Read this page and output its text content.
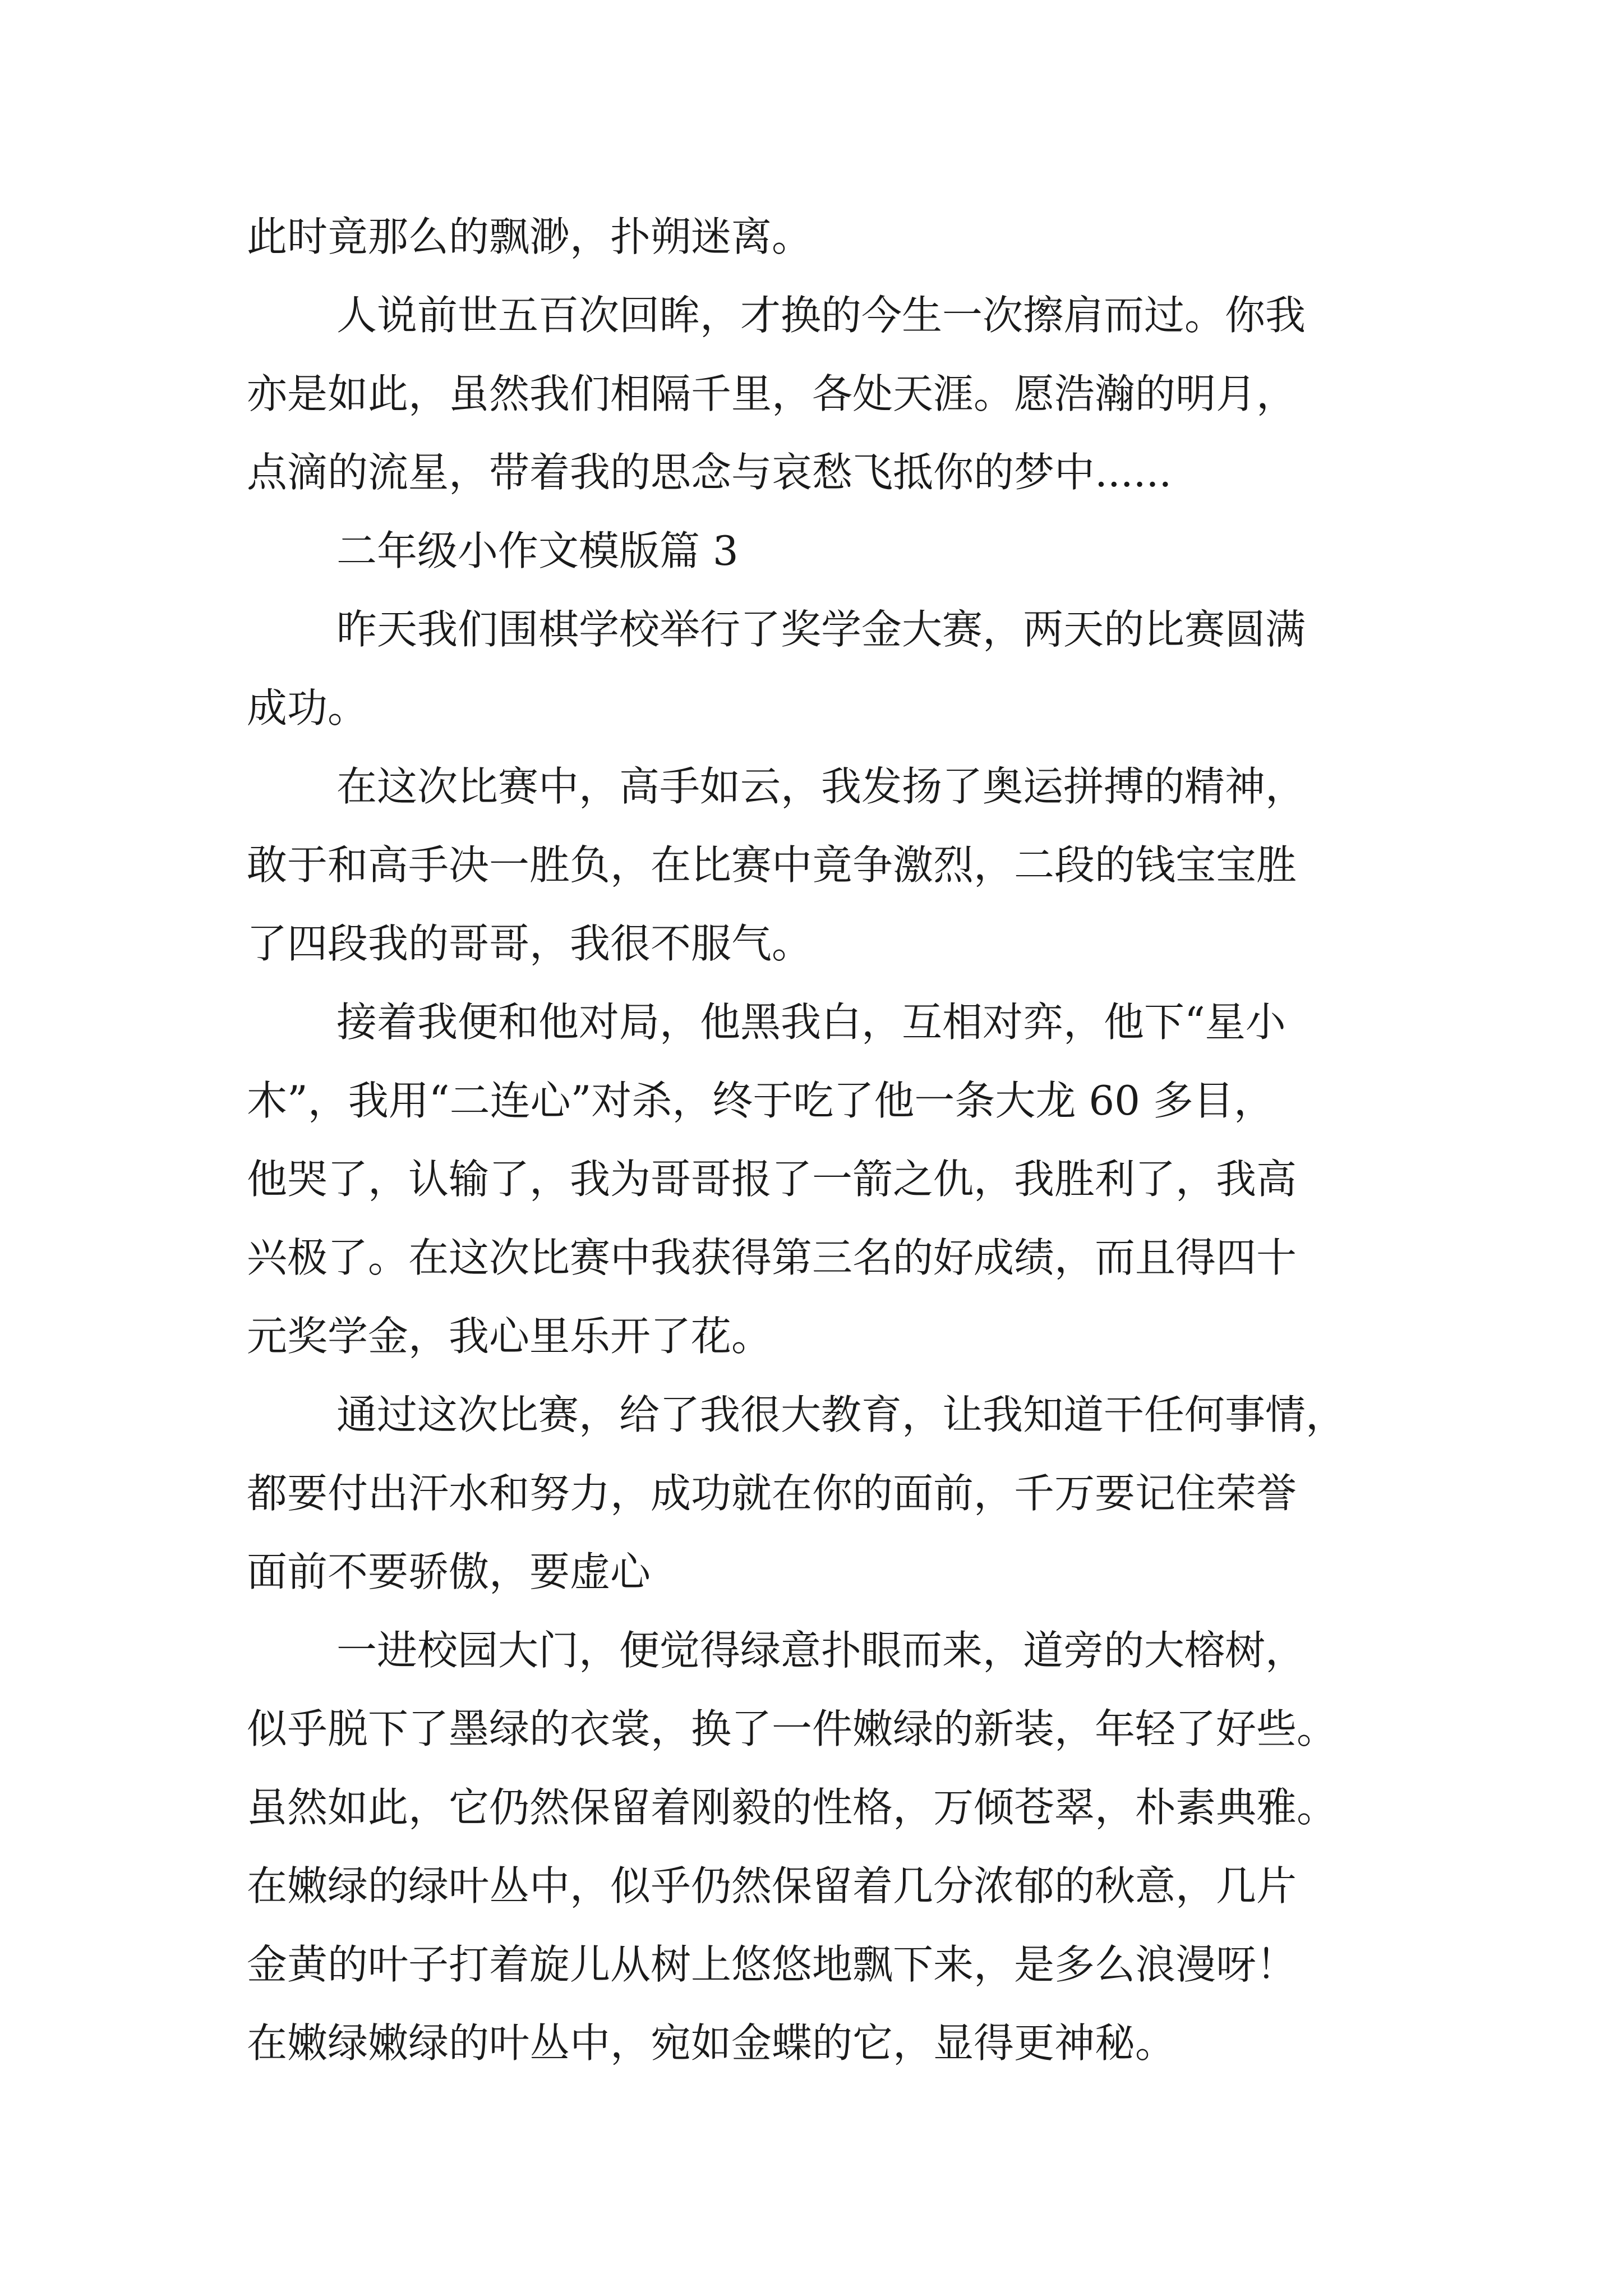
此时竟那么的飘渺，扑朔迷离。

人说前世五百次回眸，才换的今生一次擦肩而过。你我

亦是如此，虽然我们相隔千里，各处天涯。愿浩瀚的明月，

点滴的流星，带着我的思念与哀愁飞抵你的梦中......

二年级小作文模版篇 3

昨天我们围棋学校举行了奖学金大赛，两天的比赛圆满

成功。

在这次比赛中，高手如云，我发扬了奥运拼搏的精神，

敢于和高手决一胜负，在比赛中竟争激烈，二段的钱宝宝胜

了四段我的哥哥，我很不服气。

接着我便和他对局，他黑我白，互相对弈，他下“星小

木”，我用“二连心”对杀，终于吃了他一条大龙 60 多目，

他哭了，认输了，我为哥哥报了一箭之仇，我胜利了，我高

兴极了。在这次比赛中我获得第三名的好成绩，而且得四十

元奖学金，我心里乐开了花。

通过这次比赛，给了我很大教育，让我知道干任何事情，

都要付出汗水和努力，成功就在你的面前，千万要记住荣誉

面前不要骄傲，要虚心

一进校园大门，便觉得绿意扑眼而来，道旁的大榕树，

似乎脱下了墨绿的衣裳，换了一件嫩绿的新装，年轻了好些。

虽然如此，它仍然保留着刚毅的性格，万倾苍翠，朴素典雅。

在嫩绿的绿叶丛中，似乎仍然保留着几分浓郁的秋意，几片

金黄的叶子打着旋儿从树上悠悠地飘下来，是多么浪漫呀！

在嫩绿嫩绿的叶丛中，宛如金蝶的它，显得更神秘。
